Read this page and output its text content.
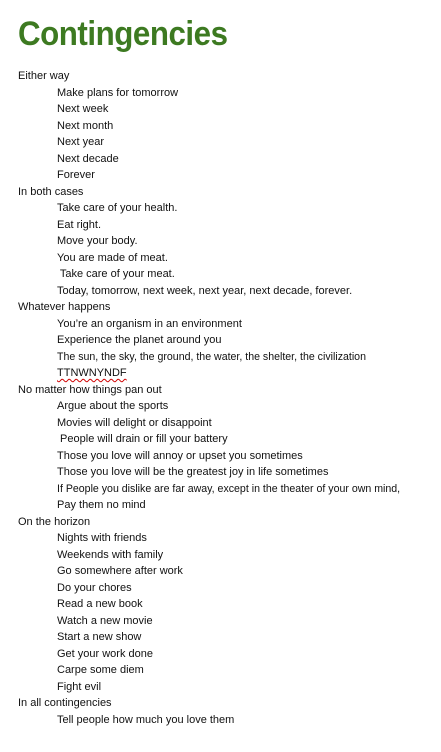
Contingencies
Either way
Make plans for tomorrow
Next week
Next month
Next year
Next decade
Forever
In both cases
Take care of your health.
Eat right.
Move your body.
You are made of meat.
Take care of your meat.
Today, tomorrow, next week, next year, next decade, forever.
Whatever happens
You’re an organism in an environment
Experience the planet around you
The sun, the sky, the ground, the water, the shelter, the civilization
TTNWNYNDF
No matter how things pan out
Argue about the sports
Movies will delight or disappoint
People will drain or fill your battery
Those you love will annoy or upset you sometimes
Those you love will be the greatest joy in life sometimes
If People you dislike are far away, except in the theater of your own mind,
Pay them no mind
On the horizon
Nights with friends
Weekends with family
Go somewhere after work
Do your chores
Read a new book
Watch a new movie
Start a new show
Get your work done
Carpe some diem
Fight evil
In all contingencies
Tell people how much you love them
